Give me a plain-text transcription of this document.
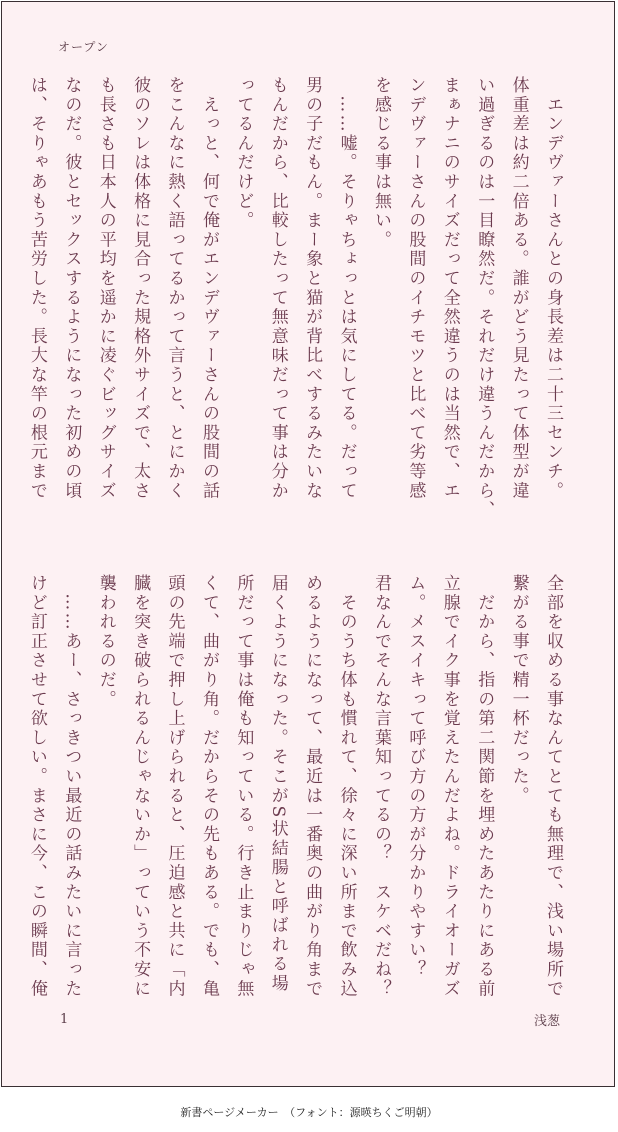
オープン
　エンデヴァーさんとの身長差は二十三センチ。
体重差は約二倍ある。誰がどう見たって体型が違
い過ぎるのは一目瞭然だ。それだけ違うんだから、
まぁナニのサイズだって全然違うのは当然で、エ
ンデヴァーさんの股間のイチモツと比べて劣等感
を感じる事は無い。
　……嘘。そりゃちょっとは気にしてる。だって
男の子だもん。まー象と猫が背比べするみたいな
もんだから、比較したって無意味だって事は分か
ってるんだけど。
　えっと、何で俺がエンデヴァーさんの股間の話
をこんなに熱く語ってるかって言うと、とにかく
彼のソレは体格に見合った規格外サイズで、太さ
も長さも日本人の平均を遥かに凌ぐビッグサイズ
なのだ。彼とセックスするようになった初めの頃
は、そりゃあもう苦労した。長大な竿の根元まで
全部を収める事なんてとても無理で、浅い場所で
繋がる事で精一杯だった。
　だから、指の第二関節を埋めたあたりにある前
立腺でイク事を覚えたんだよね。ドライオーガズ
ム。メスイキって呼び方の方が分かりやすい？
君なんでそんな言葉知ってるの？　スケベだね？
　そのうち体も慣れて、徐々に深い所まで飲み込
めるようになって、最近は一番奥の曲がり角まで
届くようになった。そこがS状結腸と呼ばれる場
所だって事は俺も知っている。行き止まりじゃ無
くて、曲がり角。だからその先もある。でも、亀
頭の先端で押し上げられると、圧迫感と共に「内
臓を突き破られるんじゃないか」っていう不安に
襲われるのだ。
　……あー、さっきつい最近の話みたいに言った
けど訂正させて欲しい。まさに今、この瞬間、俺
1	浅葱
新書ページメーカー　（フォント：源暎ちくご明朝）
